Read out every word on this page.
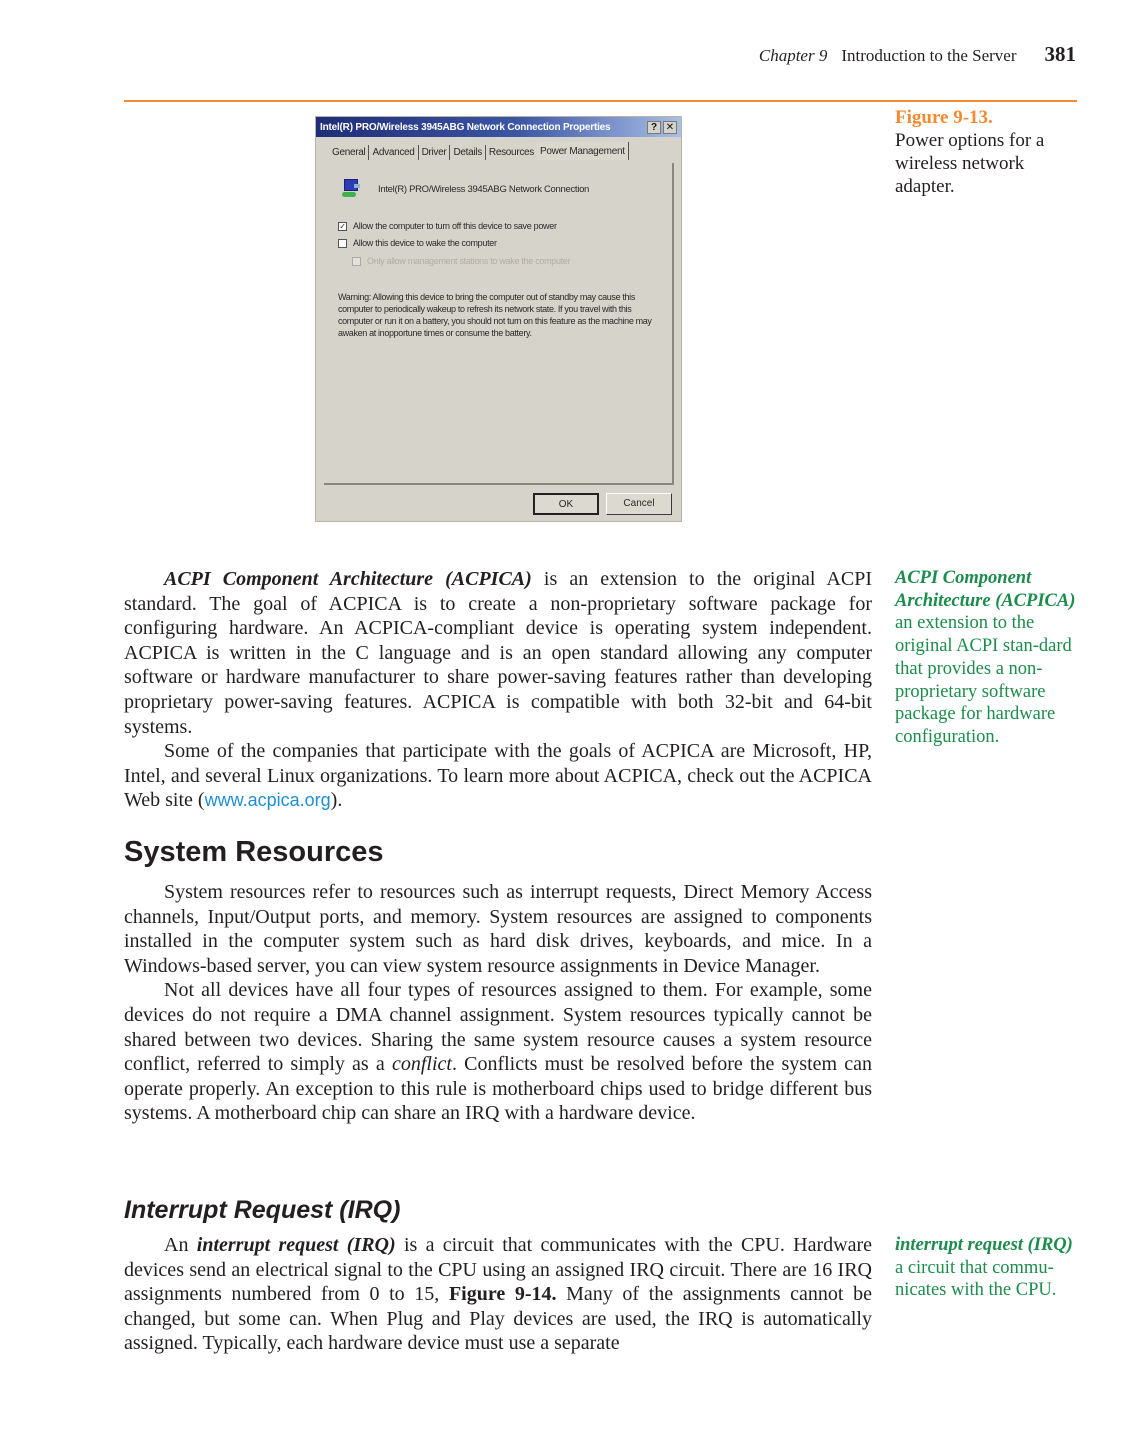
Chapter 9 Introduction to the Server 381
Intel(R) PRO/Wireless 3945ABG Network Connection Properties	? ✕
General Advanced Driver Details Resources Power Management
Intel(R) PRO/Wireless 3945ABG Network Connection
✓ Allow the computer to turn off this device to save power
Allow this device to wake the computer
Only allow management stations to wake the computer
Warning: Allowing this device to bring the computer out of standby may cause this computer to periodically wakeup to refresh its network state. If you travel with this computer or run it on a battery, you should not turn on this feature as the machine may awaken at inopportune times or consume the battery.
OK	Cancel
Figure 9-13.
Power options for a wireless network adapter.

ACPI Component Architecture (ACPICA) is an extension to the original ACPI standard. The goal of ACPICA is to create a non-proprietary software package for configuring hardware. An ACPICA-compliant device is operating system independent. ACPICA is written in the C language and is an open standard allowing any computer software or hardware manufacturer to share power-saving features rather than developing proprietary power-saving features. ACPICA is compatible with both 32-bit and 64-bit systems.

Some of the companies that participate with the goals of ACPICA are Microsoft, HP, Intel, and several Linux organizations. To learn more about ACPICA, check out the ACPICA Web site (www.acpica.org).

ACPI Component Architecture (ACPICA)
an extension to the original ACPI stan-dard that provides a non-proprietary software package for hardware configuration.
System Resources

System resources refer to resources such as interrupt requests, Direct Memory Access channels, Input/Output ports, and memory. System resources are assigned to components installed in the computer system such as hard disk drives, keyboards, and mice. In a Windows-based server, you can view system resource assignments in Device Manager.

Not all devices have all four types of resources assigned to them. For example, some devices do not require a DMA channel assignment. System resources typically cannot be shared between two devices. Sharing the same system resource causes a system resource conflict, referred to simply as a conflict. Conflicts must be resolved before the system can operate properly. An exception to this rule is motherboard chips used to bridge different bus systems. A motherboard chip can share an IRQ with a hardware device.

Interrupt Request (IRQ)

An interrupt request (IRQ) is a circuit that communicates with the CPU. Hardware devices send an electrical signal to the CPU using an assigned IRQ circuit. There are 16 IRQ assignments numbered from 0 to 15, Figure 9-14. Many of the assignments cannot be changed, but some can. When Plug and Play devices are used, the IRQ is automatically assigned. Typically, each hardware device must use a separate

interrupt request (IRQ)
a circuit that commu-nicates with the CPU.
